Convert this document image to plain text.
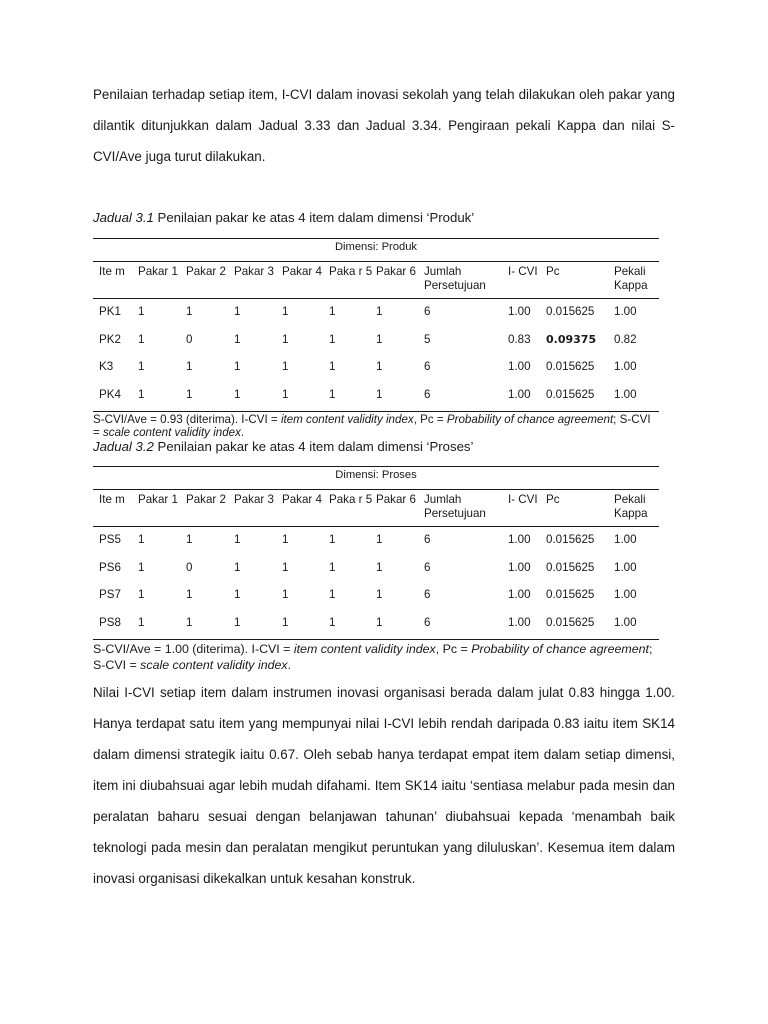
Penilaian terhadap setiap item, I-CVI dalam inovasi sekolah yang telah dilakukan oleh pakar yang dilantik ditunjukkan dalam Jadual 3.33 dan Jadual 3.34. Pengiraan pekali Kappa dan nilai S-CVI/Ave juga turut dilakukan.

Jadual 3.1 Penilaian pakar ke atas 4 item dalam dimensi ‘Produk’

Dimensi: Produk
Ite m	Pakar 1	Pakar 2	Pakar 3	Pakar 4	Paka r 5	Pakar 6	Jumlah Persetujuan	I- CVI	Pc	Pekali Kappa
PK1	1	1	1	1	1	1	6	1.00	0.015625	1.00
PK2	1	0	1	1	1	1	5	0.83	0.09375	0.82
K3	1	1	1	1	1	1	6	1.00	0.015625	1.00
PK4	1	1	1	1	1	1	6	1.00	0.015625	1.00
S-CVI/Ave = 0.93 (diterima). I-CVI = item content validity index, Pc = Probability of chance agreement; S-CVI = scale content validity index.

Jadual 3.2 Penilaian pakar ke atas 4 item dalam dimensi ‘Proses’

Dimensi: Proses
Ite m	Pakar 1	Pakar 2	Pakar 3	Pakar 4	Paka r 5	Pakar 6	Jumlah Persetujuan	I- CVI	Pc	Pekali Kappa
PS5	1	1	1	1	1	1	6	1.00	0.015625	1.00
PS6	1	0	1	1	1	1	6	1.00	0.015625	1.00
PS7	1	1	1	1	1	1	6	1.00	0.015625	1.00
PS8	1	1	1	1	1	1	6	1.00	0.015625	1.00
S-CVI/Ave = 1.00 (diterima). I-CVI = item content validity index, Pc = Probability of chance agreement; S-CVI = scale content validity index.

Nilai I-CVI setiap item dalam instrumen inovasi organisasi berada dalam julat 0.83 hingga 1.00. Hanya terdapat satu item yang mempunyai nilai I-CVI lebih rendah daripada 0.83 iaitu item SK14 dalam dimensi strategik iaitu 0.67. Oleh sebab hanya terdapat empat item dalam setiap dimensi, item ini diubahsuai agar lebih mudah difahami. Item SK14 iaitu ‘sentiasa melabur pada mesin dan peralatan baharu sesuai dengan belanjawan tahunan’ diubahsuai kepada ‘menambah baik teknologi pada mesin dan peralatan mengikut peruntukan yang diluluskan’. Kesemua item dalam inovasi organisasi dikekalkan untuk kesahan konstruk.
